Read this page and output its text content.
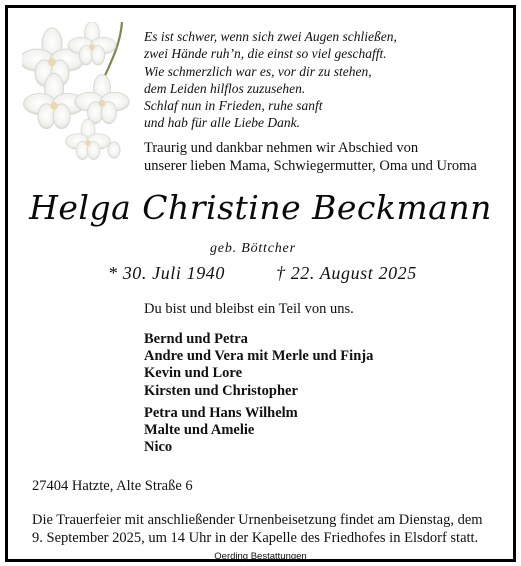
Es ist schwer, wenn sich zwei Augen schließen,
zwei Hände ruh’n, die einst so viel geschafft.
Wie schmerzlich war es, vor dir zu stehen,
dem Leiden hilflos zuzusehen.
Schlaf nun in Frieden, ruhe sanft
und hab für alle Liebe Dank.
Traurig und dankbar nehmen wir Abschied von
unserer lieben Mama, Schwiegermutter, Oma und Uroma
Helga Christine Beckmann
geb. Böttcher
* 30. Juli 1940	† 22. August 2025
Du bist und bleibst ein Teil von uns.
Bernd und Petra
Andre und Vera mit Merle und Finja
Kevin und Lore
Kirsten und Christopher
Petra und Hans Wilhelm
Malte und Amelie
Nico
27404 Hatzte, Alte Straße 6
Die Trauerfeier mit anschließender Urnenbeisetzung findet am Dienstag, dem
9. September 2025, um 14 Uhr in der Kapelle des Friedhofes in Elsdorf statt.
Oerding Bestattungen
